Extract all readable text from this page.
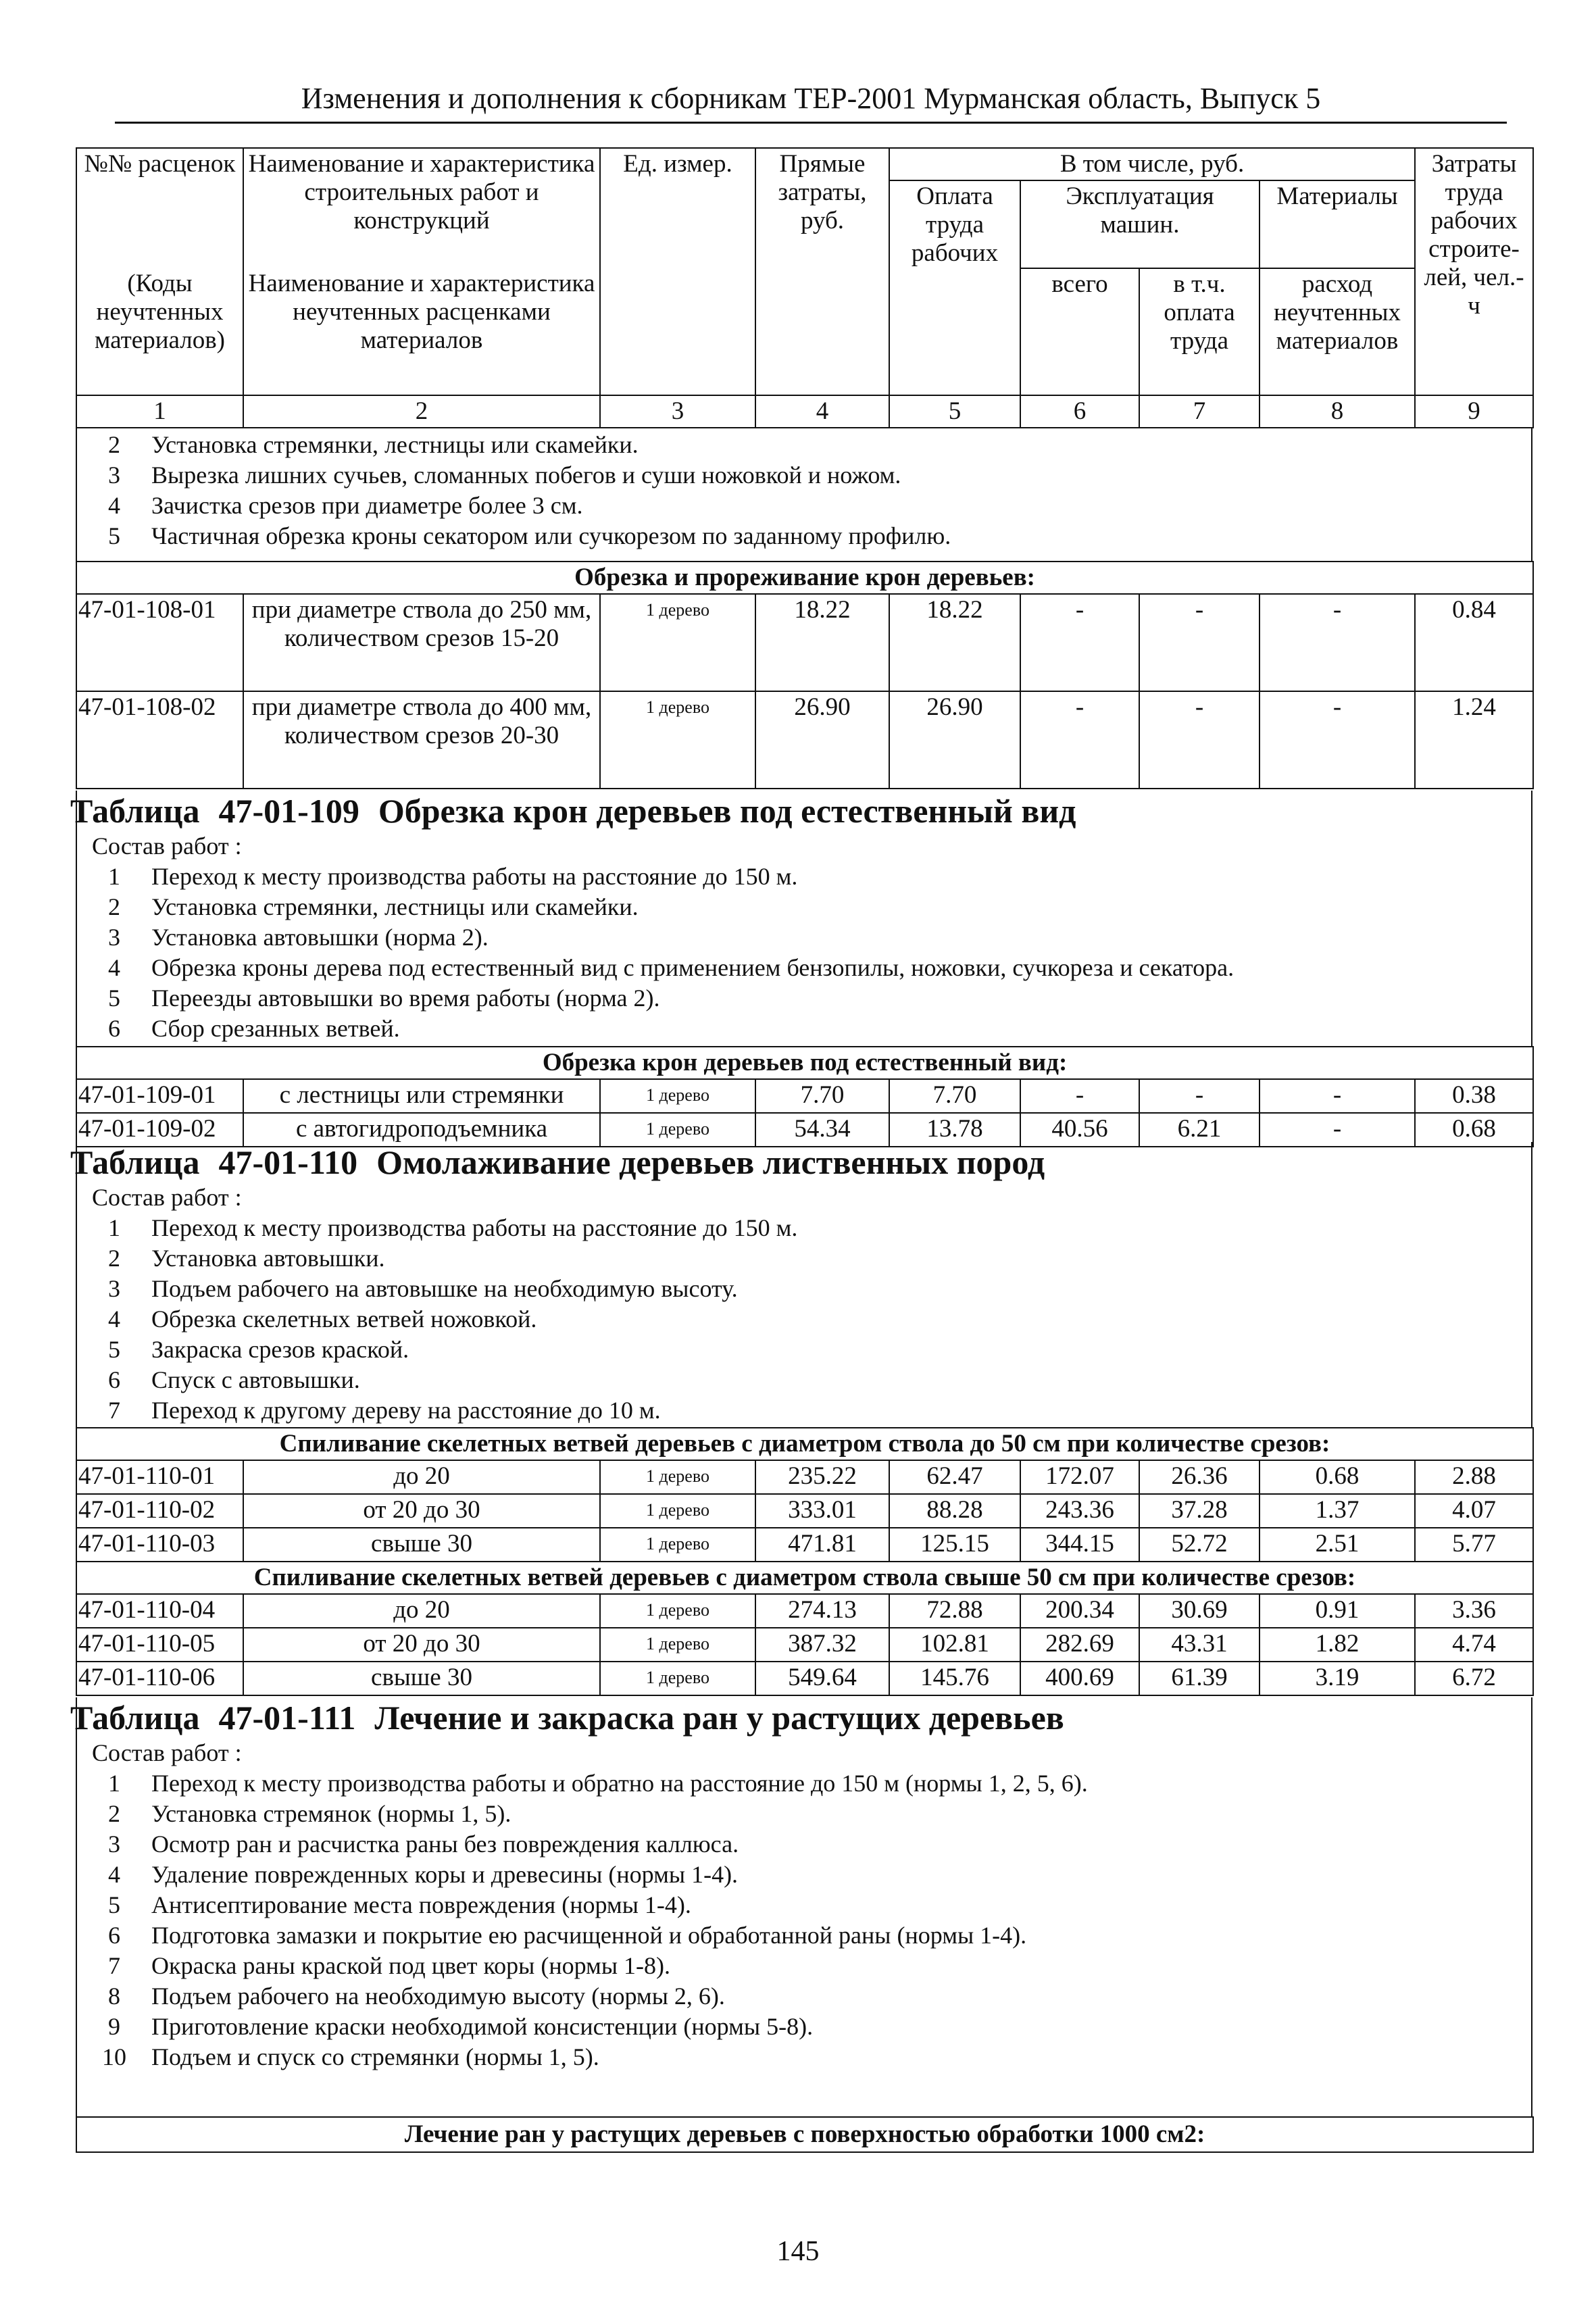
Изменения и дополнения к сборникам ТЕР-2001 Мурманская область, Выпуск 5
№№ расценок	Наименование и характеристика строительных работ и конструкций	Ед. измер.	Прямые затраты, руб.	В том числе, руб.				Затраты труда рабочих строите-лей, чел.-ч
				Оплата труда рабочих	Эксплуатация машин.		Материалы	
(Коды неучтенных материалов)	Наименование и характеристика неучтенных расценками материалов				всего	в т.ч. оплата труда	расход неучтенных материалов	
1	2	3	4	5	6	7	8	9
2	Установка стремянки, лестницы или скамейки.
3	Вырезка лишних сучьев, сломанных побегов и суши ножовкой и ножом.
4	Зачистка срезов при диаметре более 3 см.
5	Частичная обрезка кроны секатором или сучкорезом по заданному профилю.
Обрезка и прореживание крон деревьев:								
47-01-108-01	при диаметре ствола до 250 мм, количеством срезов 15-20	1 дерево	18.22	18.22	-	-	-	0.84
47-01-108-02	при диаметре ствола до 400 мм, количеством срезов 20-30	1 дерево	26.90	26.90	-	-	-	1.24
Таблица 47-01-109 Обрезка крон деревьев под естественный вид
Состав работ :
1	Переход к месту производства работы на расстояние до 150 м.
2	Установка стремянки, лестницы или скамейки.
3	Установка автовышки (норма 2).
4	Обрезка кроны дерева под естественный вид с применением бензопилы, ножовки, сучкореза и секатора.
5	Переезды автовышки во время работы (норма 2).
6	Сбор срезанных ветвей.
Обрезка крон деревьев под естественный вид:								
47-01-109-01	с лестницы или стремянки	1 дерево	7.70	7.70	-	-	-	0.38
47-01-109-02	с автогидроподъемника	1 дерево	54.34	13.78	40.56	6.21	-	0.68
Таблица 47-01-110 Омолаживание деревьев лиственных пород
Состав работ :
1	Переход к месту производства работы на расстояние до 150 м.
2	Установка автовышки.
3	Подъем рабочего на автовышке на необходимую высоту.
4	Обрезка скелетных ветвей ножовкой.
5	Закраска срезов краской.
6	Спуск с автовышки.
7	Переход к другому дереву на расстояние до 10 м.
Спиливание скелетных ветвей деревьев с диаметром ствола до 50 см при количестве срезов:								
47-01-110-01	до 20	1 дерево	235.22	62.47	172.07	26.36	0.68	2.88
47-01-110-02	от 20 до 30	1 дерево	333.01	88.28	243.36	37.28	1.37	4.07
47-01-110-03	свыше 30	1 дерево	471.81	125.15	344.15	52.72	2.51	5.77
Спиливание скелетных ветвей деревьев с диаметром ствола свыше 50 см при количестве срезов:								
47-01-110-04	до 20	1 дерево	274.13	72.88	200.34	30.69	0.91	3.36
47-01-110-05	от 20 до 30	1 дерево	387.32	102.81	282.69	43.31	1.82	4.74
47-01-110-06	свыше 30	1 дерево	549.64	145.76	400.69	61.39	3.19	6.72
Таблица 47-01-111 Лечение и закраска ран у растущих деревьев
Состав работ :
1	Переход к месту производства работы и обратно на расстояние до 150 м (нормы 1, 2, 5, 6).
2	Установка стремянок (нормы 1, 5).
3	Осмотр ран и расчистка раны без повреждения каллюса.
4	Удаление поврежденных коры и древесины (нормы 1-4).
5	Антисептирование места повреждения (нормы 1-4).
6	Подготовка замазки и покрытие ею расчищенной и обработанной раны (нормы 1-4).
7	Окраска раны краской под цвет коры (нормы 1-8).
8	Подъем рабочего на необходимую высоту (нормы 2, 6).
9	Приготовление краски необходимой консистенции (нормы 5-8).
10	Подъем и спуск со стремянки (нормы 1, 5).
Лечение ран у растущих деревьев с поверхностью обработки 1000 см2:
145
